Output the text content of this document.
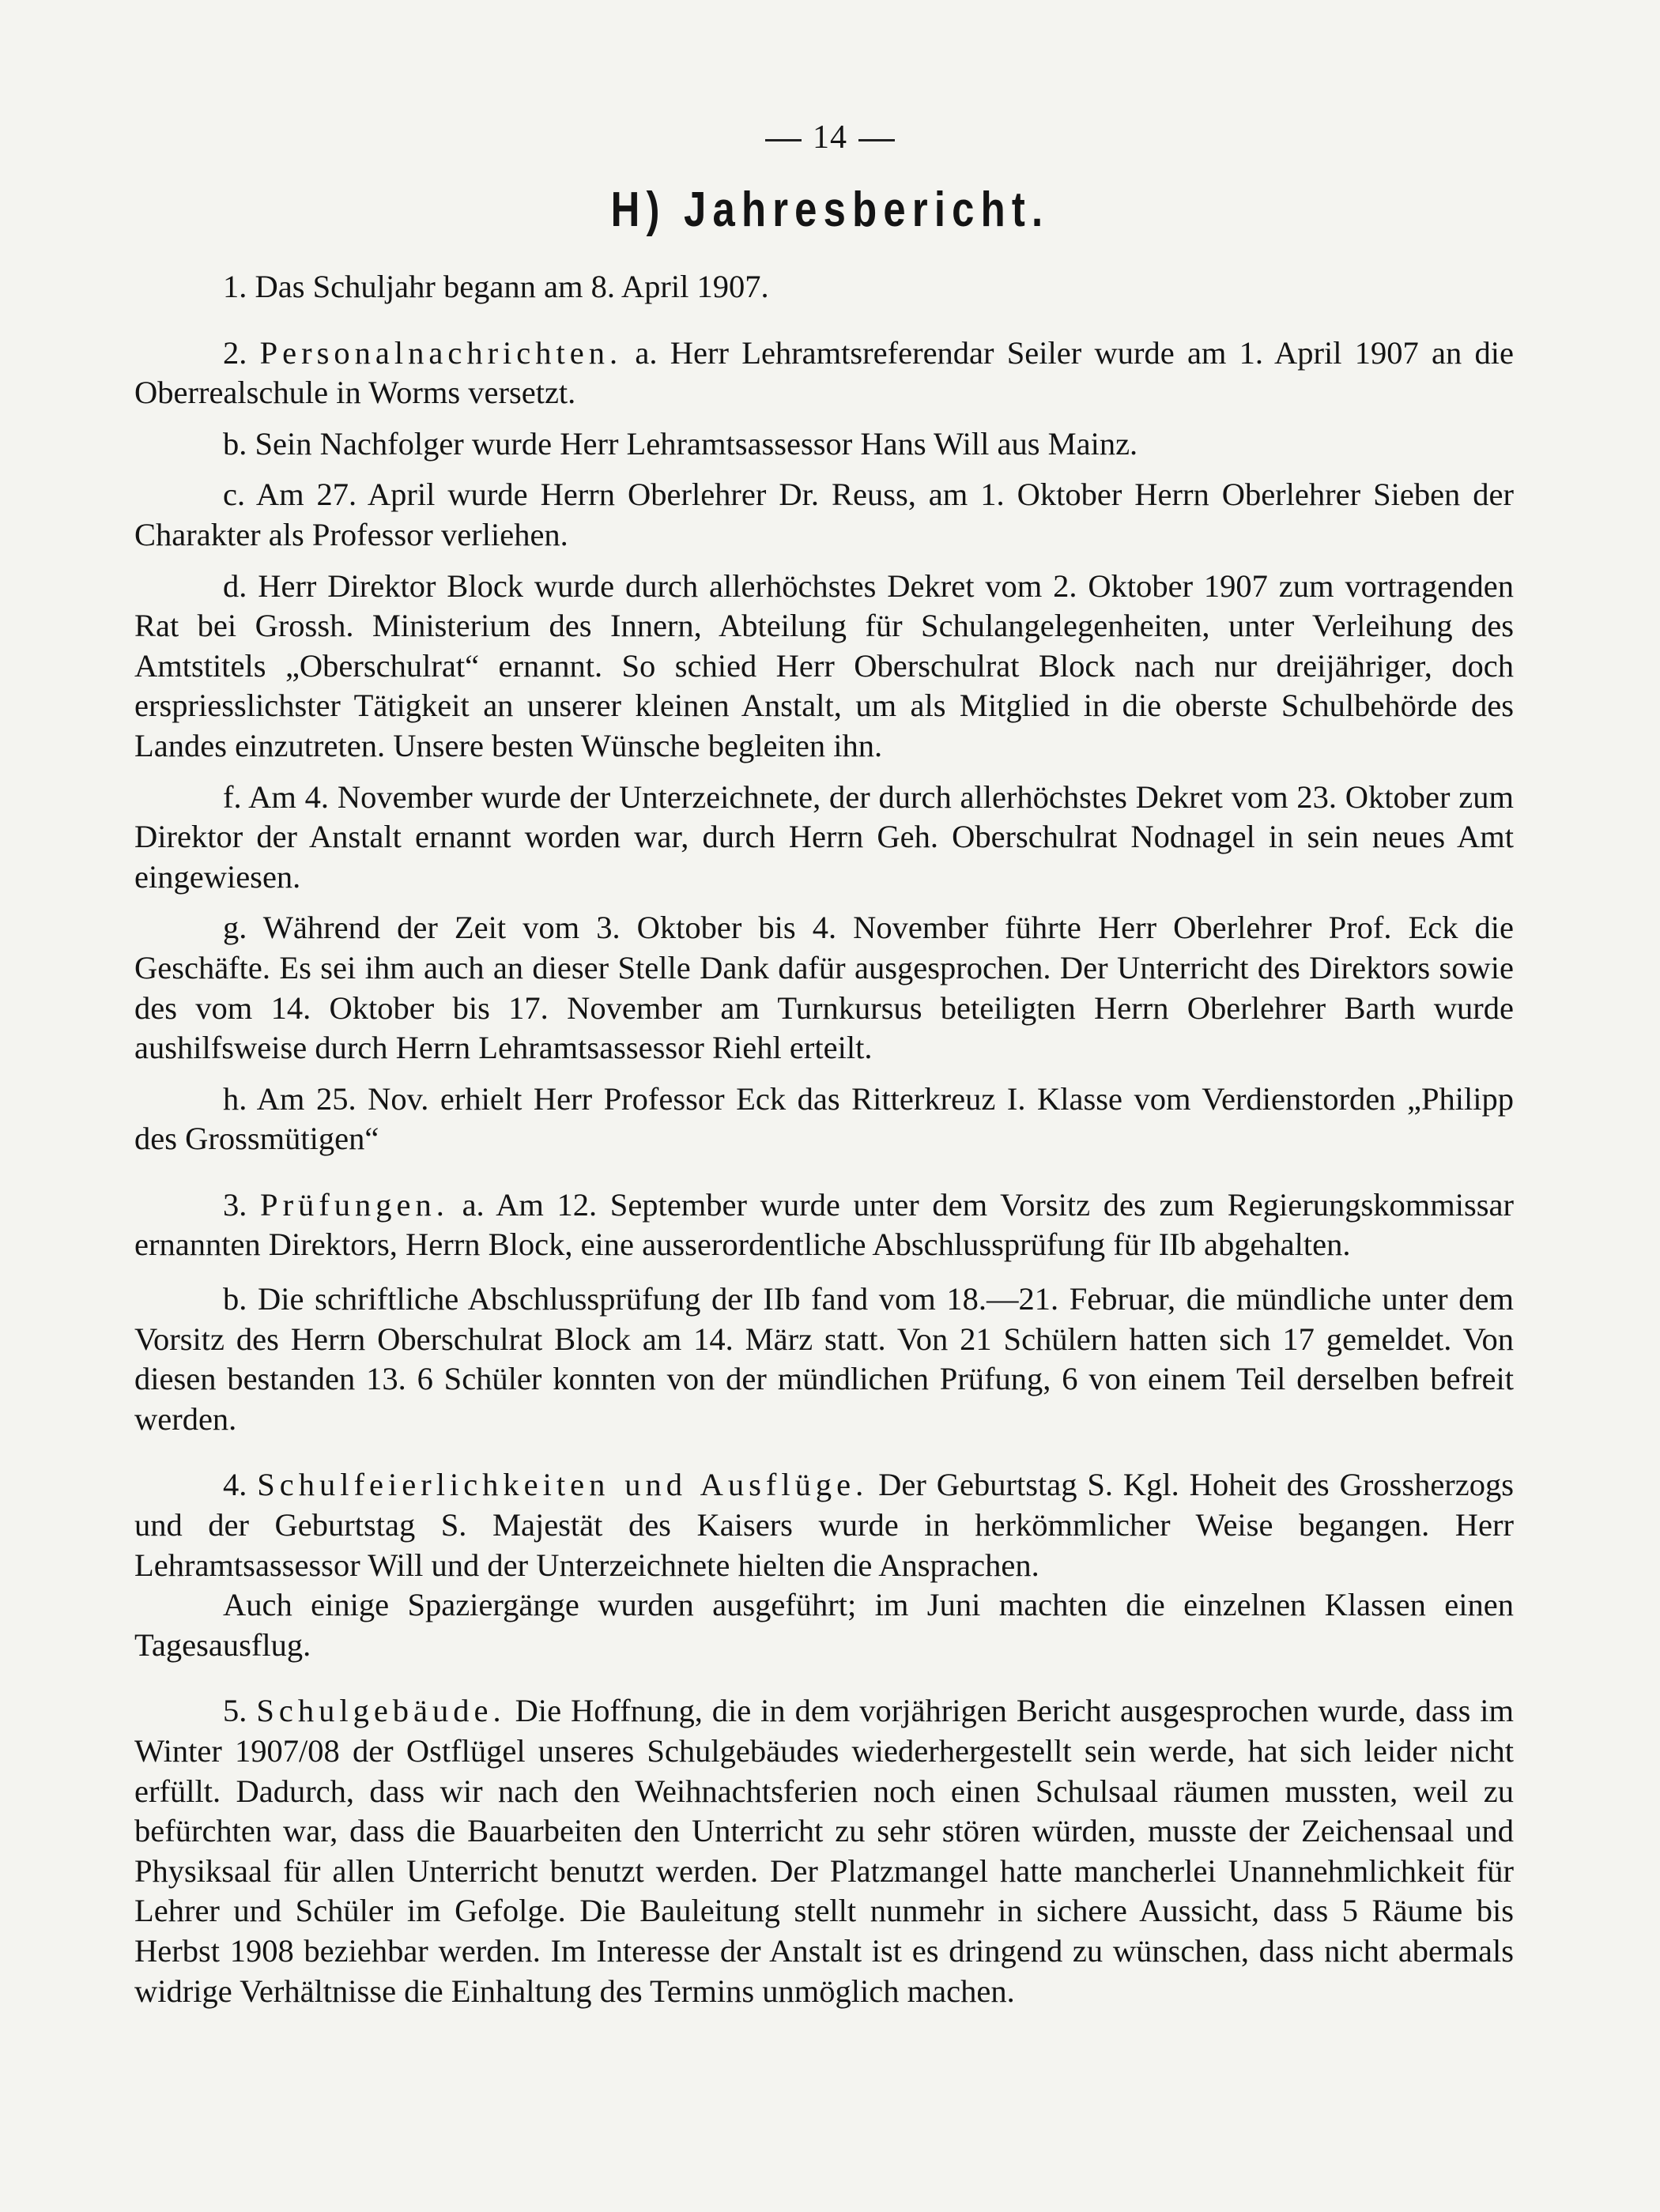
14
H) Jahresbericht.

1. Das Schuljahr begann am 8. April 1907.

2. Personalnachrichten. a. Herr Lehramtsreferendar Seiler wurde am 1. April 1907 an die Oberrealschule in Worms versetzt.

b. Sein Nachfolger wurde Herr Lehramtsassessor Hans Will aus Mainz.

c. Am 27. April wurde Herrn Oberlehrer Dr. Reuss, am 1. Oktober Herrn Oberlehrer Sieben der Charakter als Professor verliehen.

d. Herr Direktor Block wurde durch allerhöchstes Dekret vom 2. Oktober 1907 zum vortragenden Rat bei Grossh. Ministerium des Innern, Abteilung für Schulangelegenheiten, unter Verleihung des Amtstitels „Oberschulrat“ ernannt. So schied Herr Oberschulrat Block nach nur dreijähriger, doch erspriesslichster Tätigkeit an unserer kleinen Anstalt, um als Mitglied in die oberste Schulbehörde des Landes einzutreten. Unsere besten Wünsche begleiten ihn.

f. Am 4. November wurde der Unterzeichnete, der durch allerhöchstes Dekret vom 23. Oktober zum Direktor der Anstalt ernannt worden war, durch Herrn Geh. Oberschulrat Nodnagel in sein neues Amt eingewiesen.

g. Während der Zeit vom 3. Oktober bis 4. November führte Herr Oberlehrer Prof. Eck die Geschäfte. Es sei ihm auch an dieser Stelle Dank dafür ausgesprochen. Der Unterricht des Direktors sowie des vom 14. Oktober bis 17. November am Turnkursus beteiligten Herrn Oberlehrer Barth wurde aushilfsweise durch Herrn Lehramtsassessor Riehl erteilt.

h. Am 25. Nov. erhielt Herr Professor Eck das Ritterkreuz I. Klasse vom Verdienstorden „Philipp des Grossmütigen“

3. Prüfungen. a. Am 12. September wurde unter dem Vorsitz des zum Regierungskommissar ernannten Direktors, Herrn Block, eine ausserordentliche Abschlussprüfung für IIb abgehalten.

b. Die schriftliche Abschlussprüfung der IIb fand vom 18.—21. Februar, die mündliche unter dem Vorsitz des Herrn Oberschulrat Block am 14. März statt. Von 21 Schülern hatten sich 17 gemeldet. Von diesen bestanden 13. 6 Schüler konnten von der mündlichen Prüfung, 6 von einem Teil derselben befreit werden.

4. Schulfeierlichkeiten und Ausflüge. Der Geburtstag S. Kgl. Hoheit des Grossherzogs und der Geburtstag S. Majestät des Kaisers wurde in herkömmlicher Weise begangen. Herr Lehramtsassessor Will und der Unterzeichnete hielten die Ansprachen.

Auch einige Spaziergänge wurden ausgeführt; im Juni machten die einzelnen Klassen einen Tagesausflug.

5. Schulgebäude. Die Hoffnung, die in dem vorjährigen Bericht ausgesprochen wurde, dass im Winter 1907/08 der Ostflügel unseres Schulgebäudes wiederhergestellt sein werde, hat sich leider nicht erfüllt. Dadurch, dass wir nach den Weihnachtsferien noch einen Schulsaal räumen mussten, weil zu befürchten war, dass die Bauarbeiten den Unterricht zu sehr stören würden, musste der Zeichensaal und Physiksaal für allen Unterricht benutzt werden. Der Platzmangel hatte mancherlei Unannehmlichkeit für Lehrer und Schüler im Gefolge. Die Bauleitung stellt nunmehr in sichere Aussicht, dass 5 Räume bis Herbst 1908 beziehbar werden. Im Interesse der Anstalt ist es dringend zu wünschen, dass nicht abermals widrige Verhältnisse die Einhaltung des Termins unmöglich machen.
